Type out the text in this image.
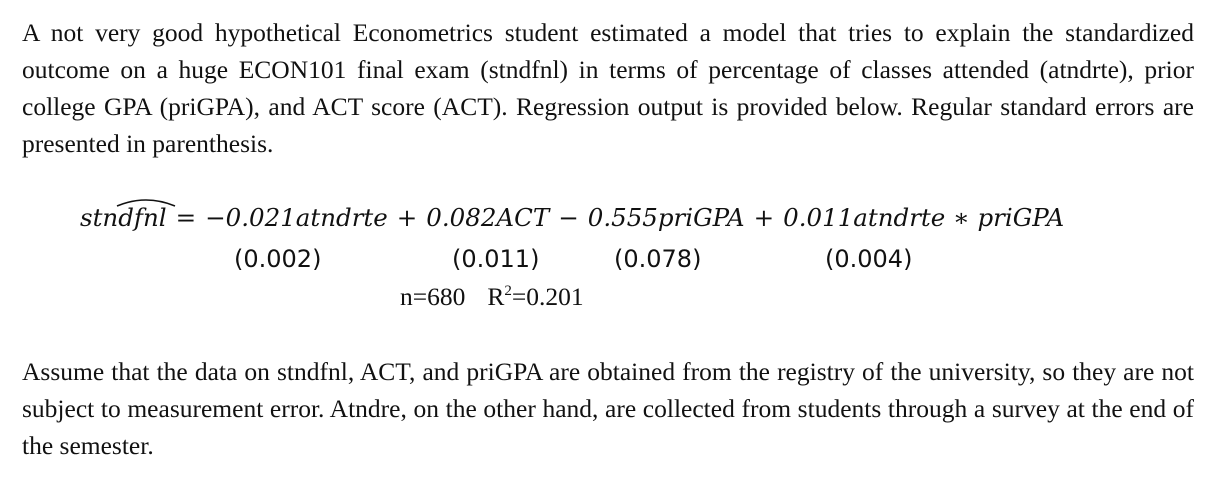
A not very good hypothetical Econometrics student estimated a model that tries to explain the standardized outcome on a huge ECON101 final exam (stndfnl) in terms of percentage of classes attended (atndrte), prior college GPA (priGPA), and ACT score (ACT). Regression output is provided below. Regular standard errors are presented in parenthesis.

stndfnl = −0.021atndrte + 0.082ACT − 0.555priGPA + 0.011atndrte ∗ priGPA
(0.002)	(0.011)	(0.078)	(0.004)
n=680 $R^2=0.201$

Assume that the data on stndfnl, ACT, and priGPA are obtained from the registry of the university, so they are not subject to measurement error. Atndre, on the other hand, are collected from students through a survey at the end of the semester.
